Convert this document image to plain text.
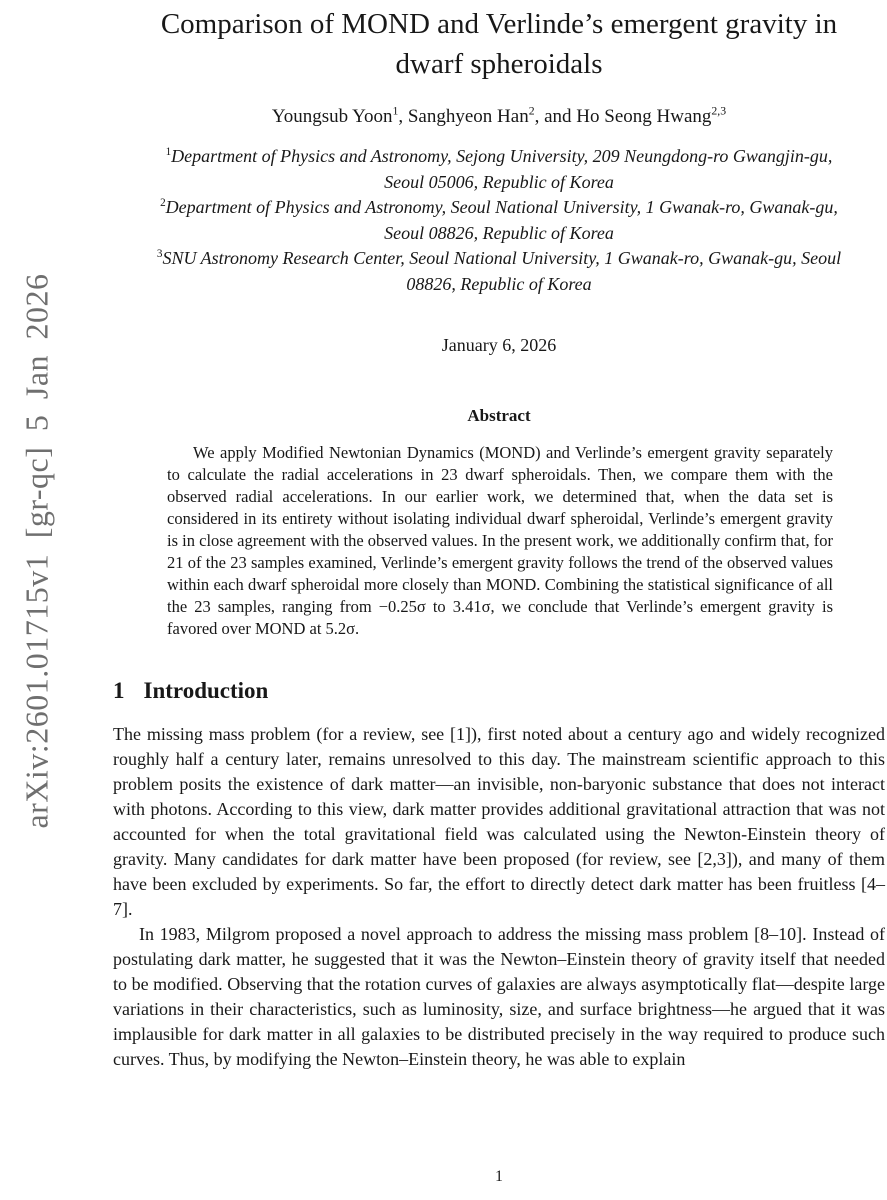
arXiv:2601.01715v1 [gr-qc] 5 Jan 2026
Comparison of MOND and Verlinde’s emergent gravity in
dwarf spheroidals
Youngsub Yoon$^1$, Sanghyeon Han$^2$, and Ho Seong Hwang$^{2,3}$
$^1$Department of Physics and Astronomy, Sejong University, 209 Neungdong-ro Gwangjin-gu, Seoul 05006, Republic of Korea
$^2$Department of Physics and Astronomy, Seoul National University, 1 Gwanak-ro, Gwanak-gu, Seoul 08826, Republic of Korea
$^3$SNU Astronomy Research Center, Seoul National University, 1 Gwanak-ro, Gwanak-gu, Seoul 08826, Republic of Korea
January 6, 2026
Abstract

We apply Modified Newtonian Dynamics (MOND) and Verlinde’s emergent gravity separately to calculate the radial accelerations in 23 dwarf spheroidals. Then, we compare them with the observed radial accelerations. In our earlier work, we determined that, when the data set is considered in its entirety without isolating individual dwarf spheroidal, Verlinde’s emergent gravity is in close agreement with the observed values. In the present work, we additionally confirm that, for 21 of the 23 samples examined, Verlinde’s emergent gravity follows the trend of the observed values within each dwarf spheroidal more closely than MOND. Combining the statistical significance of all the 23 samples, ranging from −0.25σ to 3.41σ, we conclude that Verlinde’s emergent gravity is favored over MOND at 5.2σ.

1 Introduction

The missing mass problem (for a review, see [1]), first noted about a century ago and widely recognized roughly half a century later, remains unresolved to this day. The mainstream scientific approach to this problem posits the existence of dark matter—an invisible, non-baryonic substance that does not interact with photons. According to this view, dark matter provides additional gravitational attraction that was not accounted for when the total gravitational field was calculated using the Newton-Einstein theory of gravity. Many candidates for dark matter have been proposed (for review, see [2,3]), and many of them have been excluded by experiments. So far, the effort to directly detect dark matter has been fruitless [4–7].

In 1983, Milgrom proposed a novel approach to address the missing mass problem [8–10]. Instead of postulating dark matter, he suggested that it was the Newton–Einstein theory of gravity itself that needed to be modified. Observing that the rotation curves of galaxies are always asymptotically flat—despite large variations in their characteristics, such as luminosity, size, and surface brightness—he argued that it was implausible for dark matter in all galaxies to be distributed precisely in the way required to produce such curves. Thus, by modifying the Newton–Einstein theory, he was able to explain

1
